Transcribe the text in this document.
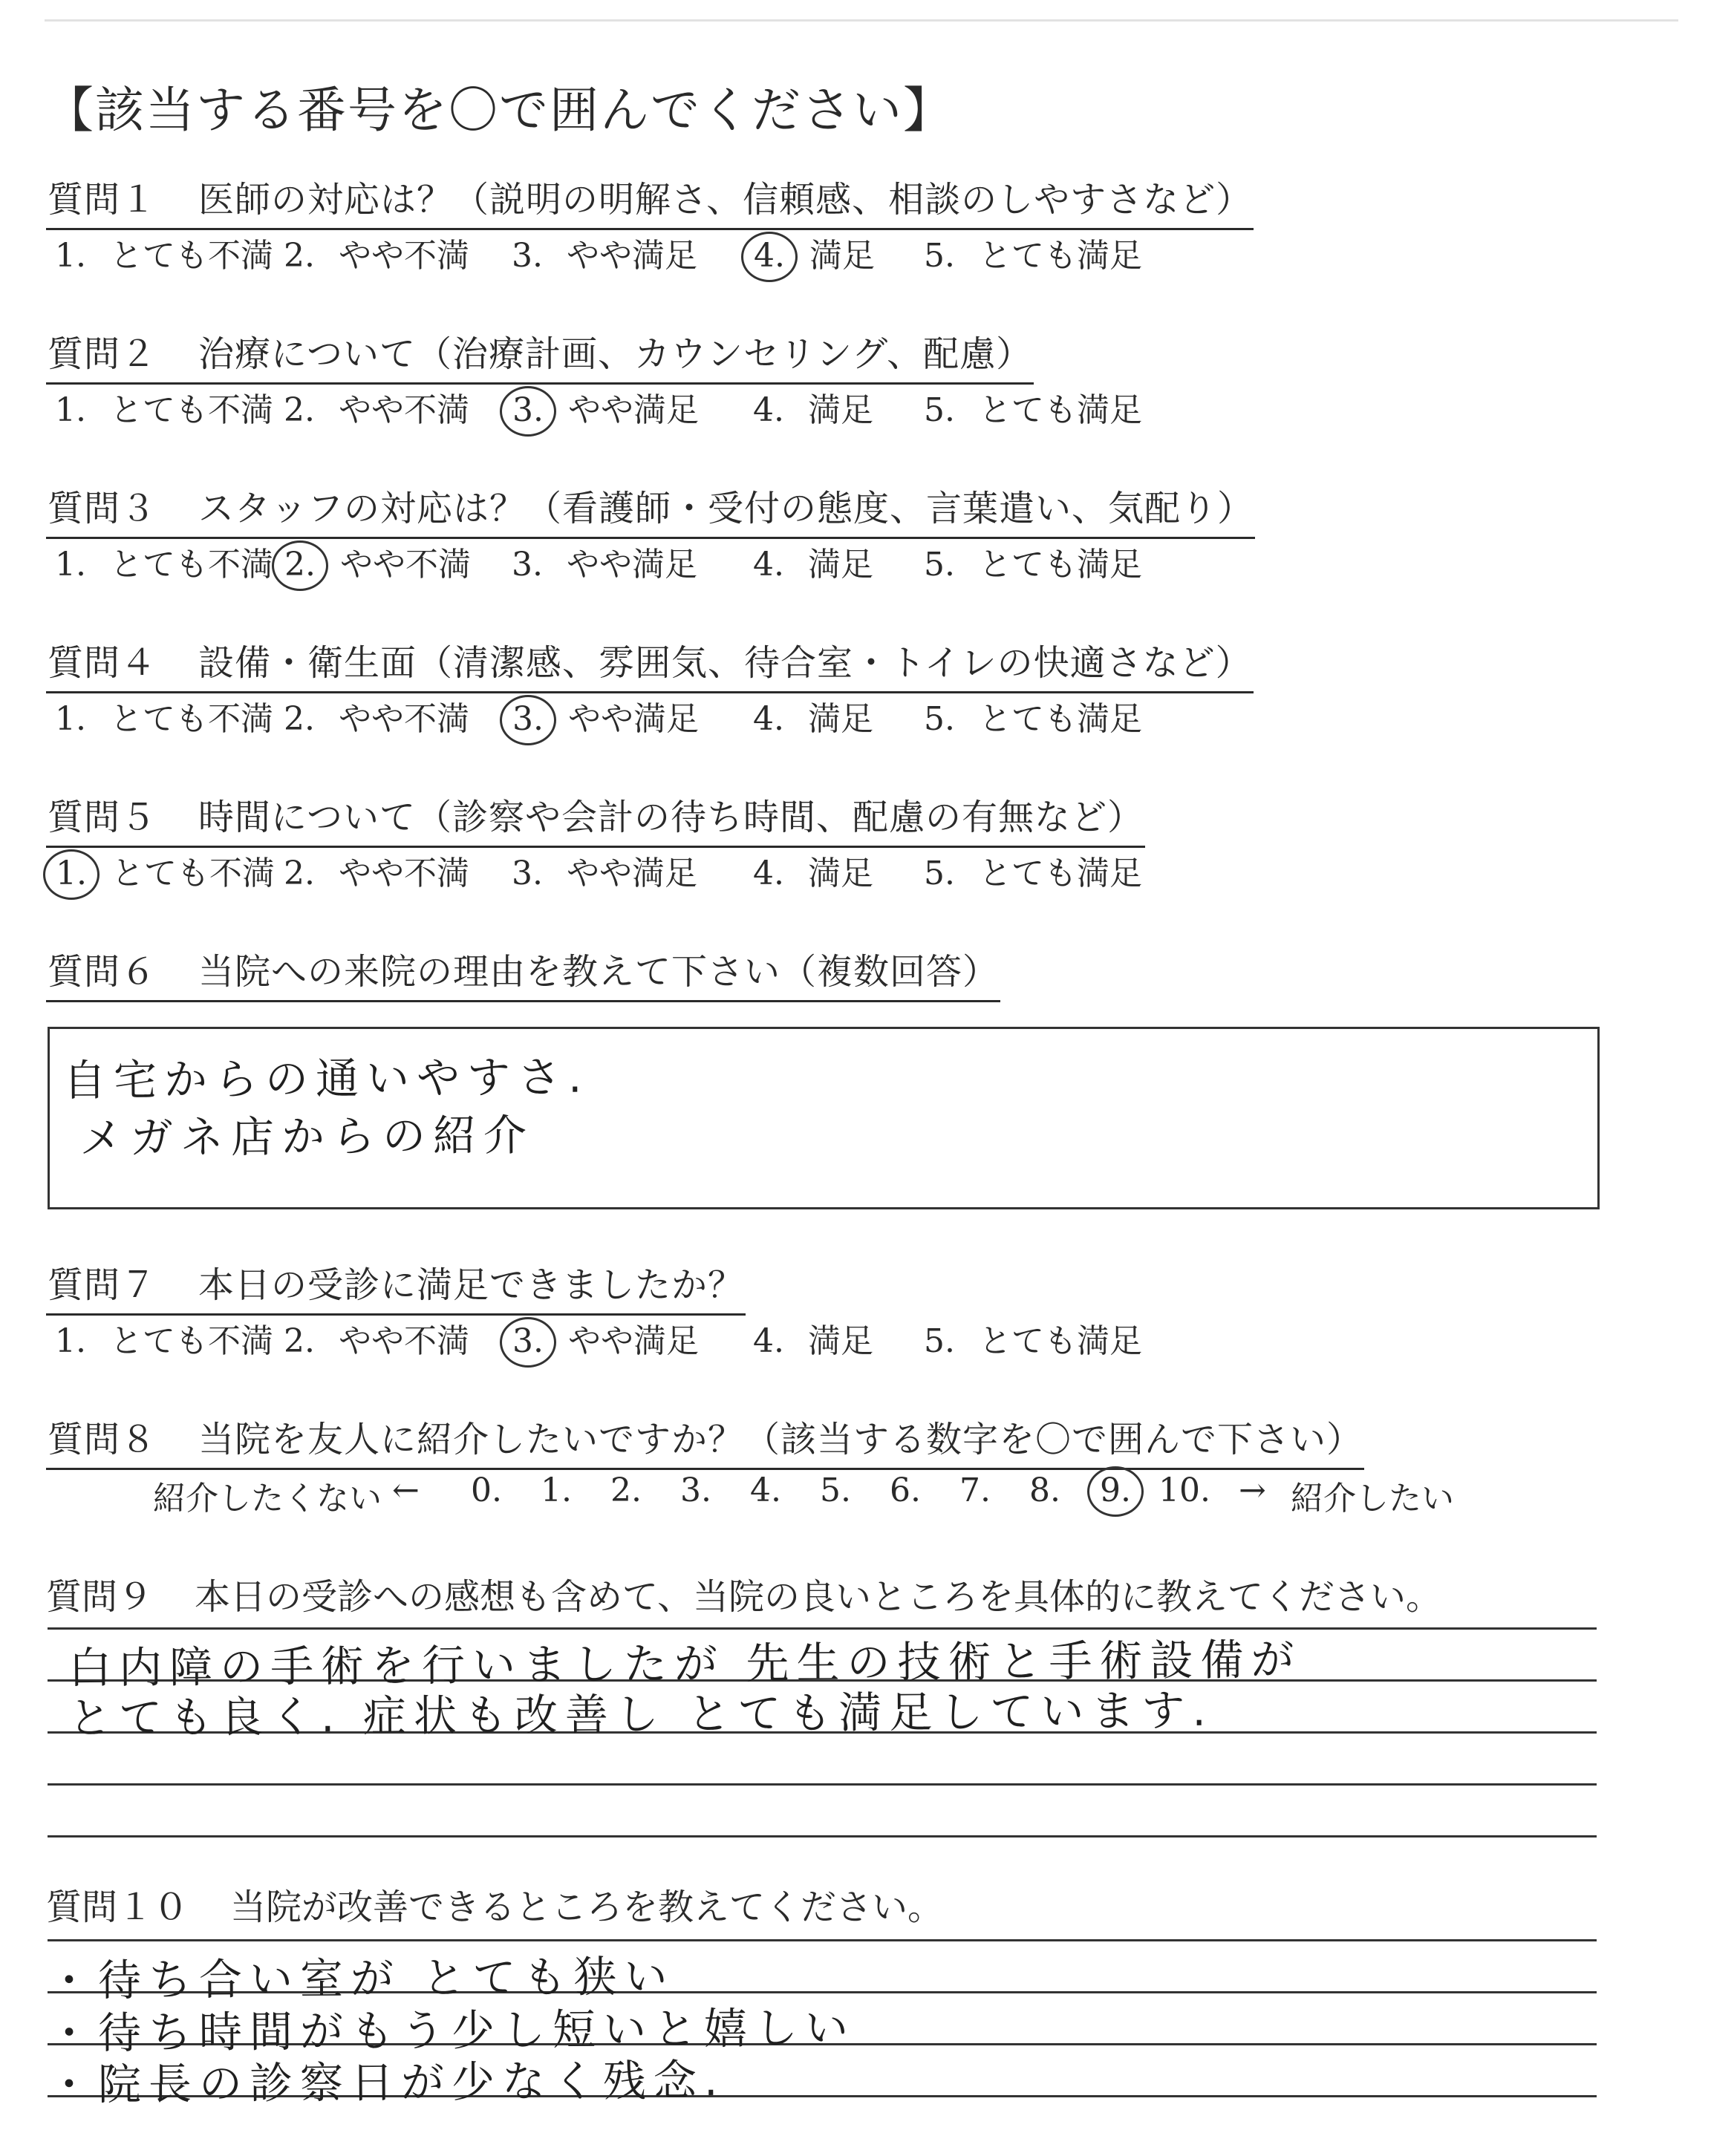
【該当する番号を〇で囲んでください】
質問１ 医師の対応は？（説明の明解さ、信頼感、相談のしやすさなど）
1. とても不満 2. やや不満	3. やや満足	4. 満足	5. とても満足
質問２ 治療について（治療計画、カウンセリング、配慮）
1. とても不満 2. やや不満	3. やや満足	4. 満足	5. とても満足
質問３ スタッフの対応は？（看護師・受付の態度、言葉遣い、気配り）
1. とても不満 2. やや不満	3. やや満足	4. 満足	5. とても満足
質問４ 設備・衛生面（清潔感、雰囲気、待合室・トイレの快適さなど）
1. とても不満 2. やや不満	3. やや満足	4. 満足	5. とても満足
質問５ 時間について（診察や会計の待ち時間、配慮の有無など）
1. とても不満 2. やや不満	3. やや満足	4. 満足	5. とても満足
質問６ 当院への来院の理由を教えて下さい（複数回答）
自宅からの通いやすさ.
メガネ店からの紹介
質問７ 本日の受診に満足できましたか？
1. とても不満 2. やや不満	3. やや満足	4. 満足	5. とても満足
質問８ 当院を友人に紹介したいですか？（該当する数字を〇で囲んで下さい）
紹介したくない ←	0.	1.	2.	3.	4.	5.	6.	7.	8.	9. 10. → 紹介したい
質問９ 本日の受診への感想も含めて、当院の良いところを具体的に教えてください。
白内障の手術を行いましたが 先生の技術と手術設備が
とても良く. 症状も改善し とても満足しています.
質問１０ 当院が改善できるところを教えてください。
・待ち合い室が とても狭い
・待ち時間がもう少し短いと嬉しい
・院長の診察日が少なく残念.
